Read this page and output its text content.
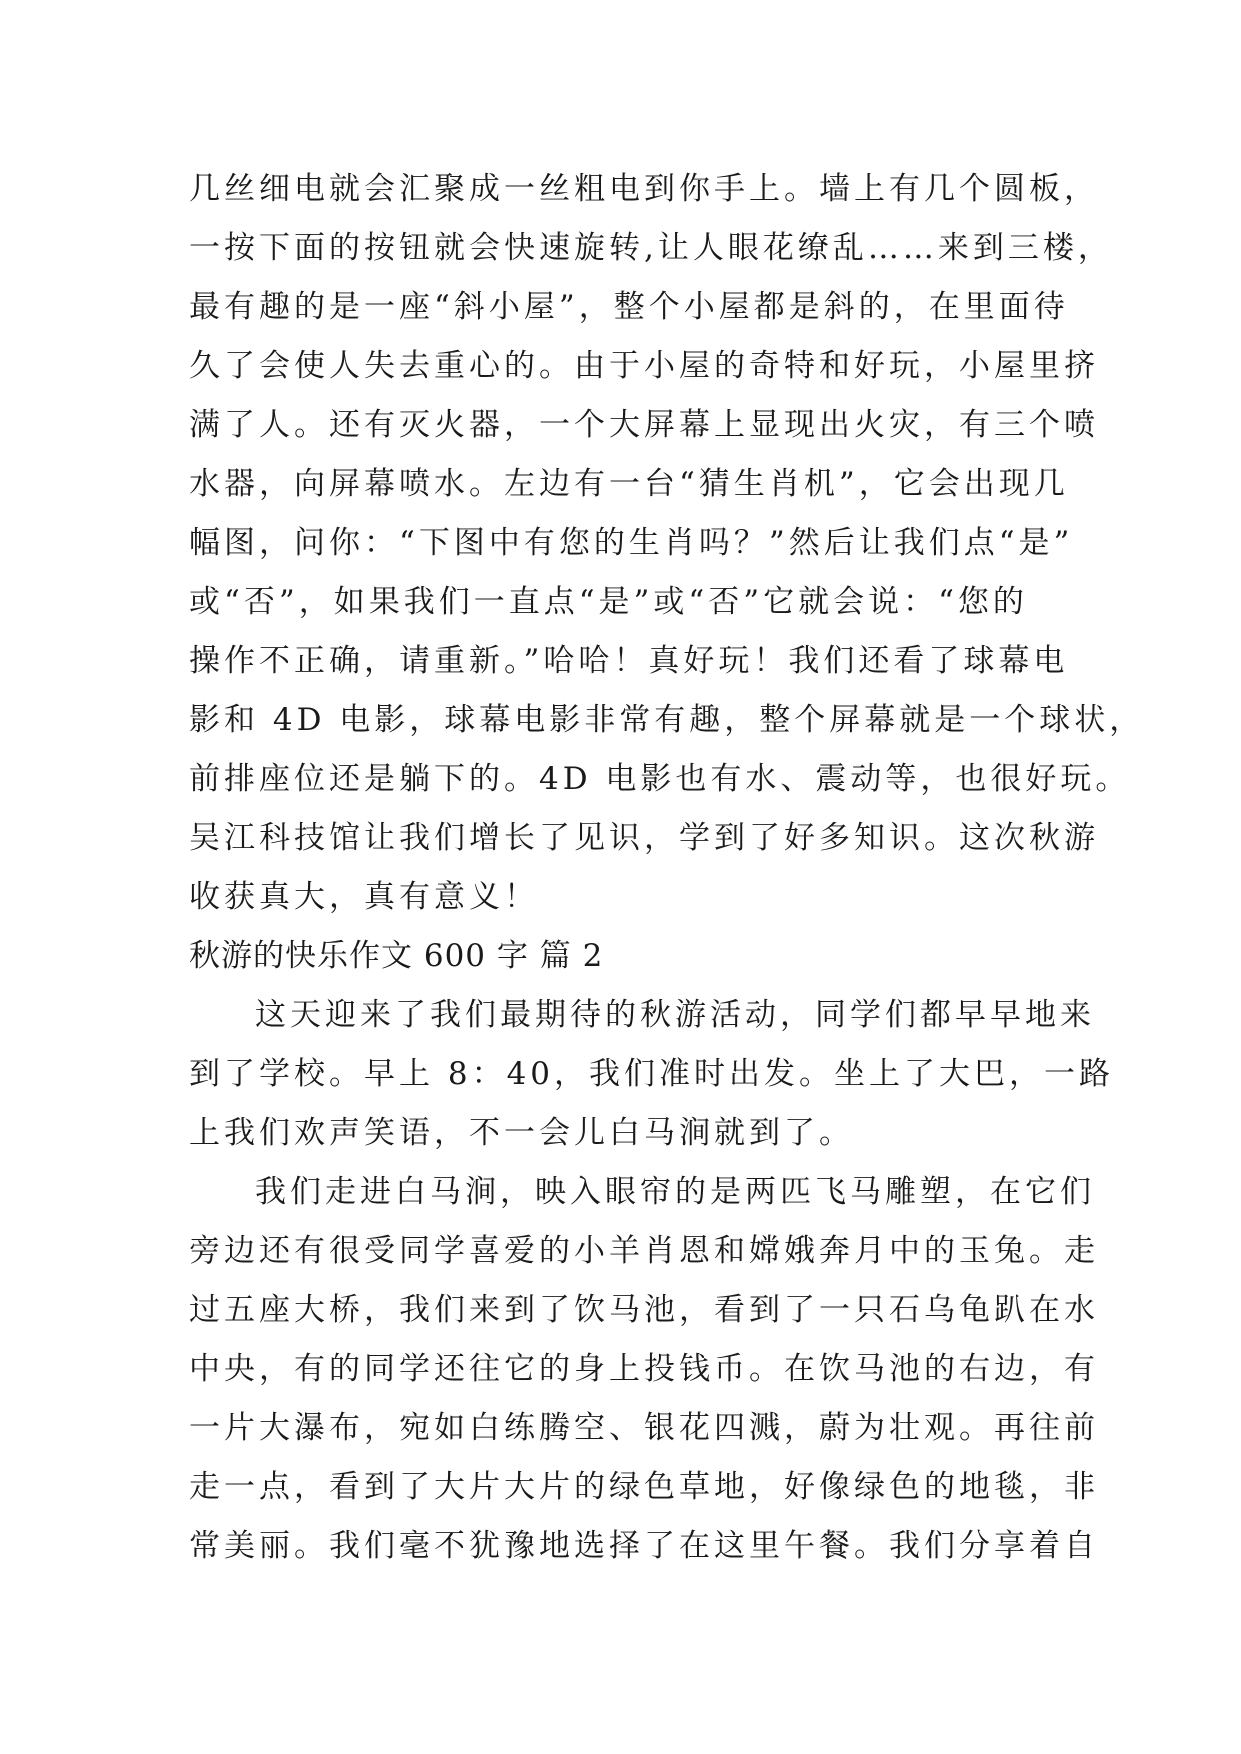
几丝细电就会汇聚成一丝粗电到你手上。墙上有几个圆板，
一按下面的按钮就会快速旋转,让人眼花缭乱……来到三楼，
最有趣的是一座“斜小屋”，整个小屋都是斜的，在里面待
久了会使人失去重心的。由于小屋的奇特和好玩，小屋里挤
满了人。还有灭火器，一个大屏幕上显现出火灾，有三个喷
水器，向屏幕喷水。左边有一台“猜生肖机”，它会出现几
幅图，问你：“下图中有您的生肖吗？”然后让我们点“是”
或“否”，如果我们一直点“是”或“否”它就会说：“您的
操作不正确，请重新。”哈哈！真好玩！我们还看了球幕电
影和 4D 电影，球幕电影非常有趣，整个屏幕就是一个球状，
前排座位还是躺下的。4D 电影也有水、震动等，也很好玩。
吴江科技馆让我们增长了见识，学到了好多知识。这次秋游
收获真大，真有意义！
秋游的快乐作文 600 字 篇 2
这天迎来了我们最期待的秋游活动，同学们都早早地来
到了学校。早上 8：40，我们准时出发。坐上了大巴，一路
上我们欢声笑语，不一会儿白马涧就到了。
我们走进白马涧，映入眼帘的是两匹飞马雕塑，在它们
旁边还有很受同学喜爱的小羊肖恩和嫦娥奔月中的玉兔。走
过五座大桥，我们来到了饮马池，看到了一只石乌龟趴在水
中央，有的同学还往它的身上投钱币。在饮马池的右边，有
一片大瀑布，宛如白练腾空、银花四溅，蔚为壮观。再往前
走一点，看到了大片大片的绿色草地，好像绿色的地毯，非
常美丽。我们毫不犹豫地选择了在这里午餐。我们分享着自
